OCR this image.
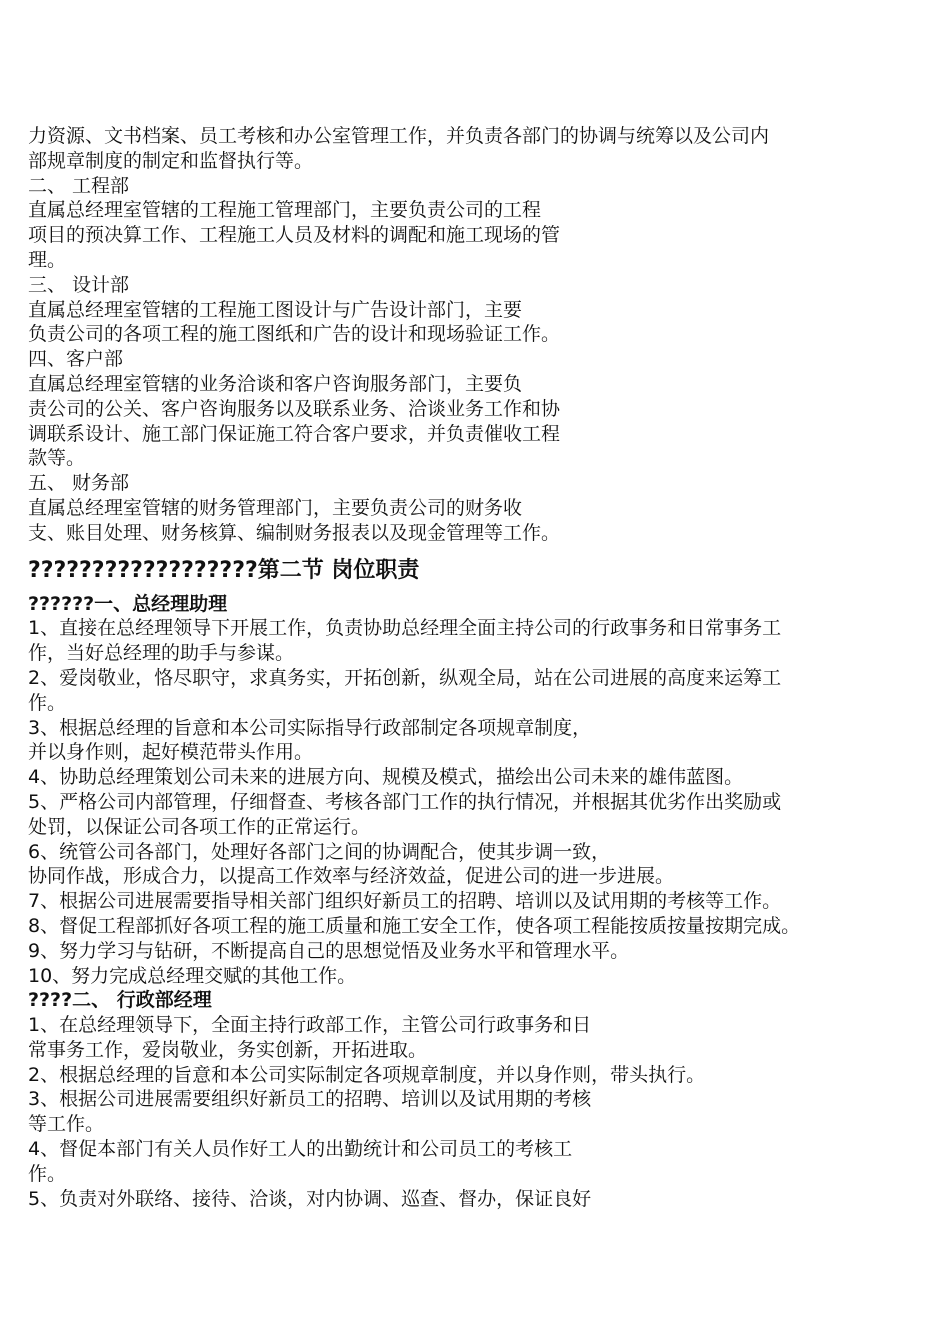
力资源、文书档案、员工考核和办公室管理工作，并负责各部门的协调与统筹以及公司内
部规章制度的制定和监督执行等。
二、 工程部
直属总经理室管辖的工程施工管理部门，主要负责公司的工程
项目的预决算工作、工程施工人员及材料的调配和施工现场的管
理。
三、 设计部
直属总经理室管辖的工程施工图设计与广告设计部门，主要
负责公司的各项工程的施工图纸和广告的设计和现场验证工作。
四、客户部
直属总经理室管辖的业务洽谈和客户咨询服务部门，主要负
责公司的公关、客户咨询服务以及联系业务、洽谈业务工作和协
调联系设计、施工部门保证施工符合客户要求，并负责催收工程
款等。
五、 财务部
直属总经理室管辖的财务管理部门，主要负责公司的财务收
支、账目处理、财务核算、编制财务报表以及现金管理等工作。
??????????????????第二节 岗位职责
??????一、总经理助理
1、直接在总经理领导下开展工作，负责协助总经理全面主持公司的行政事务和日常事务工
作，当好总经理的助手与参谋。
2、爱岗敬业，恪尽职守，求真务实，开拓创新，纵观全局，站在公司进展的高度来运筹工
作。
3、根据总经理的旨意和本公司实际指导行政部制定各项规章制度，
并以身作则，起好模范带头作用。
4、协助总经理策划公司未来的进展方向、规模及模式，描绘出公司未来的雄伟蓝图。
5、严格公司内部管理，仔细督查、考核各部门工作的执行情况，并根据其优劣作出奖励或
处罚，以保证公司各项工作的正常运行。
6、统管公司各部门，处理好各部门之间的协调配合，使其步调一致，
协同作战，形成合力，以提高工作效率与经济效益，促进公司的进一步进展。
7、根据公司进展需要指导相关部门组织好新员工的招聘、培训以及试用期的考核等工作。
8、督促工程部抓好各项工程的施工质量和施工安全工作，使各项工程能按质按量按期完成。
9、努力学习与钻研，不断提高自己的思想觉悟及业务水平和管理水平。
10、努力完成总经理交赋的其他工作。
????二、 行政部经理
1、在总经理领导下，全面主持行政部工作，主管公司行政事务和日
常事务工作，爱岗敬业，务实创新，开拓进取。
2、根据总经理的旨意和本公司实际制定各项规章制度，并以身作则，带头执行。
3、根据公司进展需要组织好新员工的招聘、培训以及试用期的考核
等工作。
4、督促本部门有关人员作好工人的出勤统计和公司员工的考核工
作。
5、负责对外联络、接待、洽谈，对内协调、巡查、督办，保证良好
